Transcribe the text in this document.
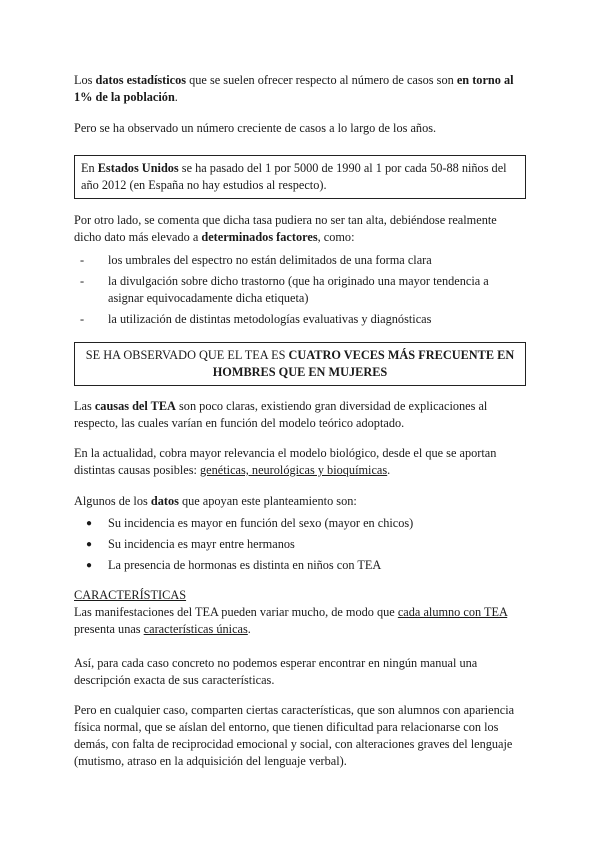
Los datos estadísticos que se suelen ofrecer respecto al número de casos son en torno al 1% de la población.

Pero se ha observado un número creciente de casos a lo largo de los años.

En Estados Unidos se ha pasado del 1 por 5000 de 1990 al 1 por cada 50-88 niños del año 2012 (en España no hay estudios al respecto).

Por otro lado, se comenta que dicha tasa pudiera no ser tan alta, debiéndose realmente dicho dato más elevado a determinados factores, como:

- los umbrales del espectro no están delimitados de una forma clara
- la divulgación sobre dicho trastorno (que ha originado una mayor tendencia a asignar equivocadamente dicha etiqueta)
- la utilización de distintas metodologías evaluativas y diagnósticas
SE HA OBSERVADO QUE EL TEA ES CUATRO VECES MÁS FRECUENTE EN HOMBRES QUE EN MUJERES

Las causas del TEA son poco claras, existiendo gran diversidad de explicaciones al respecto, las cuales varían en función del modelo teórico adoptado.

En la actualidad, cobra mayor relevancia el modelo biológico, desde el que se aportan distintas causas posibles: genéticas, neurológicas y bioquímicas.

Algunos de los datos que apoyan este planteamiento son:

● Su incidencia es mayor en función del sexo (mayor en chicos)
● Su incidencia es mayr entre hermanos
● La presencia de hormonas es distinta en niños con TEA

CARACTERÍSTICAS

Las manifestaciones del TEA pueden variar mucho, de modo que cada alumno con TEA presenta unas características únicas.

Así, para cada caso concreto no podemos esperar encontrar en ningún manual una descripción exacta de sus características.

Pero en cualquier caso, comparten ciertas características, que son alumnos con apariencia física normal, que se aíslan del entorno, que tienen dificultad para relacionarse con los demás, con falta de reciprocidad emocional y social, con alteraciones graves del lenguaje (mutismo, atraso en la adquisición del lenguaje verbal).
